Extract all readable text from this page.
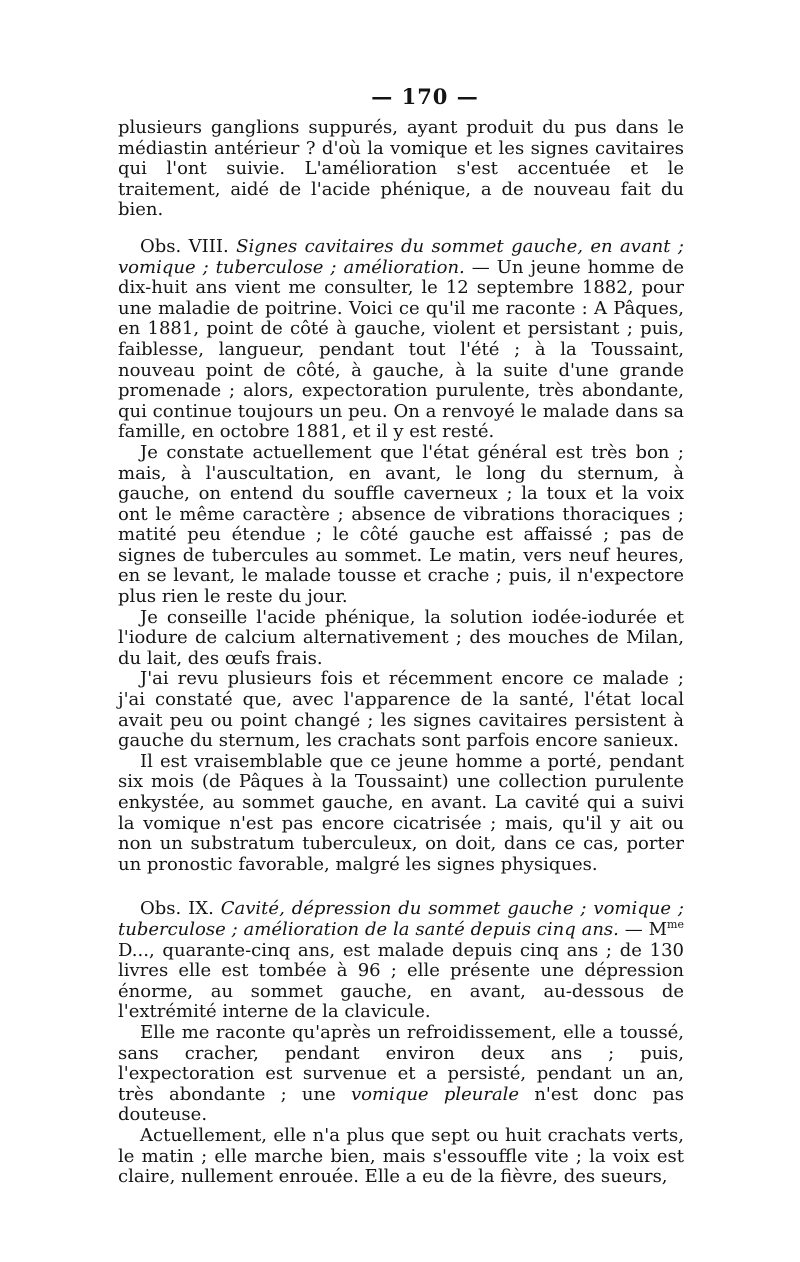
— 170 —

plusieurs ganglions suppurés, ayant produit du pus dans le médiastin antérieur ? d'où la vomique et les signes cavitaires qui l'ont suivie. L'amélioration s'est accentuée et le traitement, aidé de l'acide phénique, a de nouveau fait du bien.

Obs. VIII. Signes cavitaires du sommet gauche, en avant ; vomique ; tuberculose ; amélioration. — Un jeune homme de dix-huit ans vient me consulter, le 12 septembre 1882, pour une maladie de poitrine. Voici ce qu'il me raconte : A Pâques, en 1881, point de côté à gauche, violent et persistant ; puis, faiblesse, langueur, pendant tout l'été ; à la Toussaint, nouveau point de côté, à gauche, à la suite d'une grande promenade ; alors, expectoration purulente, très abondante, qui continue toujours un peu. On a renvoyé le malade dans sa famille, en octobre 1881, et il y est resté.

Je constate actuellement que l'état général est très bon ; mais, à l'auscultation, en avant, le long du sternum, à gauche, on entend du souffle caverneux ; la toux et la voix ont le même caractère ; absence de vibrations thoraciques ; matité peu étendue ; le côté gauche est affaissé ; pas de signes de tubercules au sommet. Le matin, vers neuf heures, en se levant, le malade tousse et crache ; puis, il n'expectore plus rien le reste du jour.

Je conseille l'acide phénique, la solution iodée-iodurée et l'iodure de calcium alternativement ; des mouches de Milan, du lait, des œufs frais.

J'ai revu plusieurs fois et récemment encore ce malade ; j'ai constaté que, avec l'apparence de la santé, l'état local avait peu ou point changé ; les signes cavitaires persistent à gauche du sternum, les crachats sont parfois encore sanieux.

Il est vraisemblable que ce jeune homme a porté, pendant six mois (de Pâques à la Toussaint) une collection purulente enkystée, au sommet gauche, en avant. La cavité qui a suivi la vomique n'est pas encore cicatrisée ; mais, qu'il y ait ou non un substratum tuberculeux, on doit, dans ce cas, porter un pronostic favorable, malgré les signes physiques.

Obs. IX. Cavité, dépression du sommet gauche ; vomique ; tuberculose ; amélioration de la santé depuis cinq ans. — $M^{me}$ D..., quarante-cinq ans, est malade depuis cinq ans ; de 130 livres elle est tombée à 96 ; elle présente une dépression énorme, au sommet gauche, en avant, au-dessous de l'extrémité interne de la clavicule.

Elle me raconte qu'après un refroidissement, elle a toussé, sans cracher, pendant environ deux ans ; puis, l'expectoration est survenue et a persisté, pendant un an, très abondante ; une vomique pleurale n'est donc pas douteuse.

Actuellement, elle n'a plus que sept ou huit crachats verts, le matin ; elle marche bien, mais s'essouffle vite ; la voix est claire, nullement enrouée. Elle a eu de la fièvre, des sueurs,
